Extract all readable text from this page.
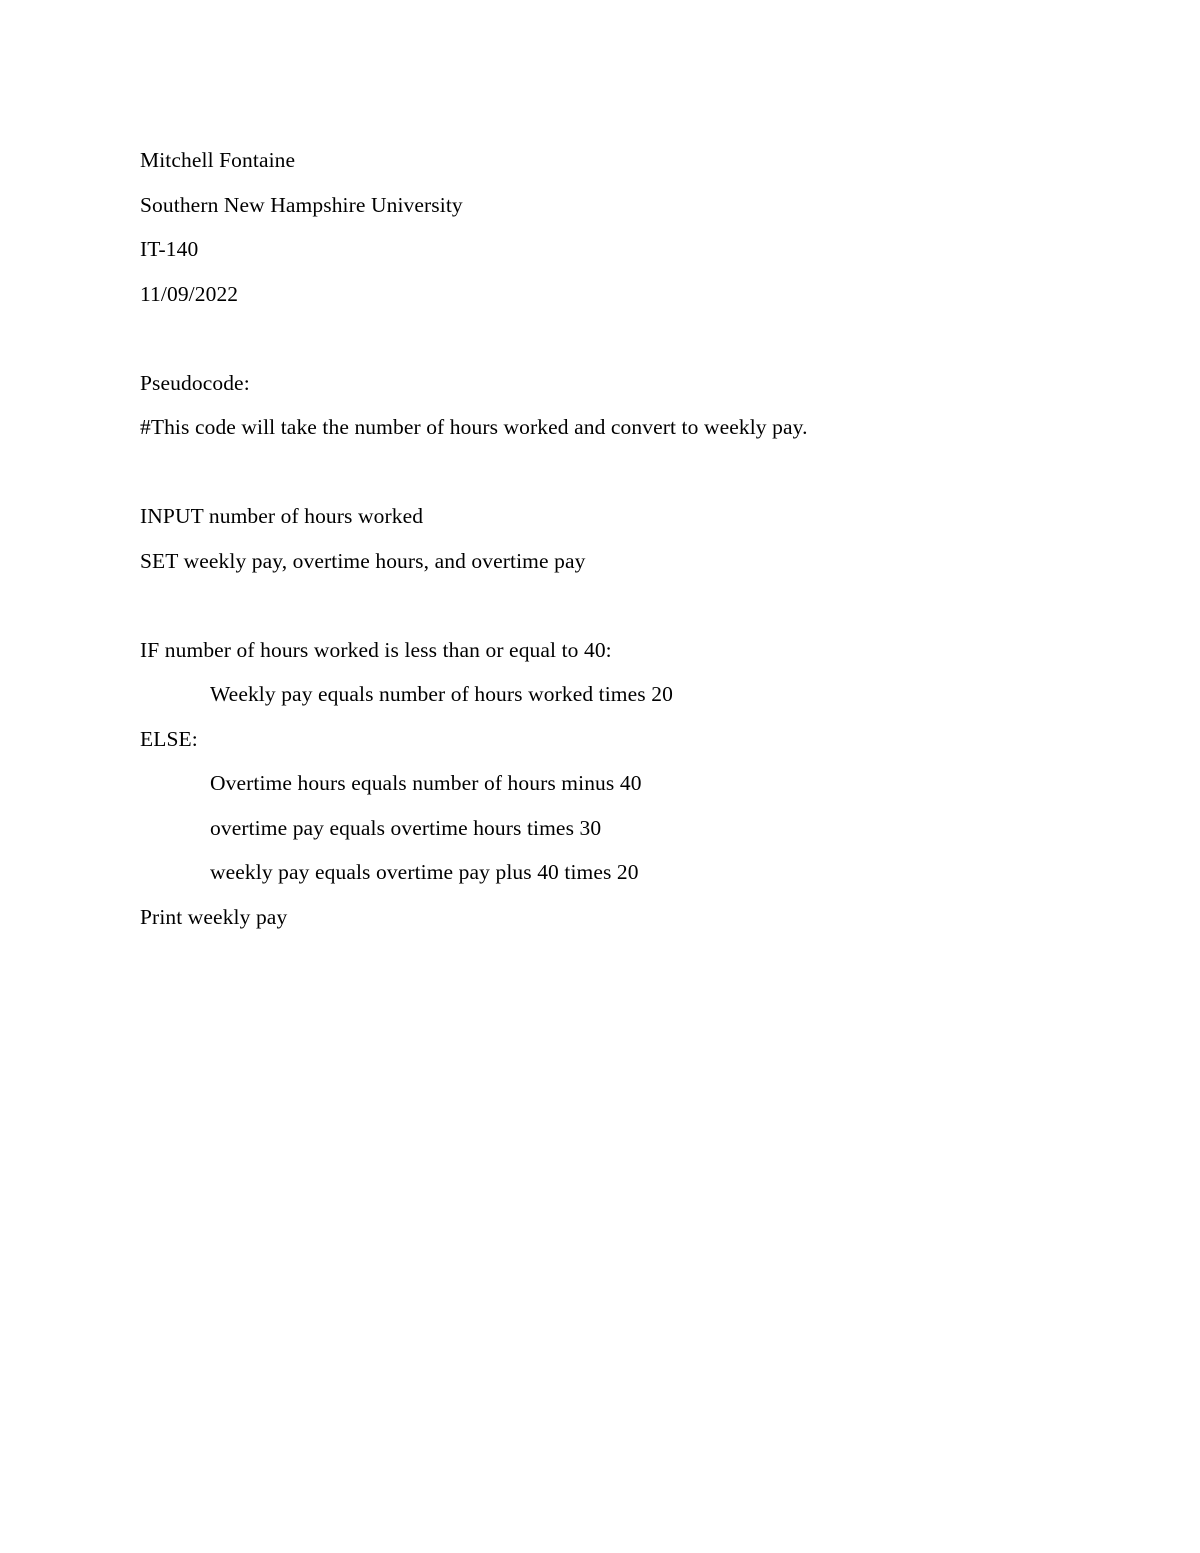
Mitchell Fontaine
Southern New Hampshire University
IT-140
11/09/2022
Pseudocode:
#This code will take the number of hours worked and convert to weekly pay.
INPUT number of hours worked
SET weekly pay, overtime hours, and overtime pay
IF number of hours worked is less than or equal to 40:
Weekly pay equals number of hours worked times 20
ELSE:
Overtime hours equals number of hours minus 40
overtime pay equals overtime hours times 30
weekly pay equals overtime pay plus 40 times 20
Print weekly pay
